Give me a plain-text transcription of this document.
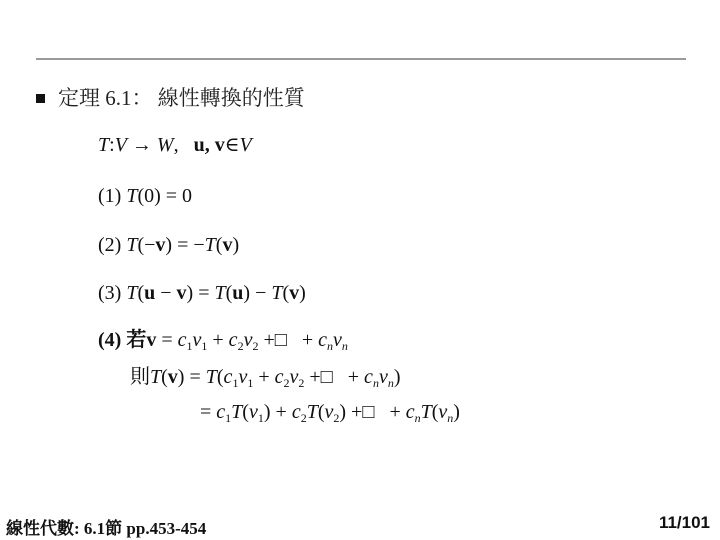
定理 6.1： 線性轉換的性質
T:V → W, u, v∈V
(1) T(0) = 0
(2) T(−v) = −T(v)
(3) T(u − v) = T(u) − T(v)
(4) 若$v = c_1v_1 + c_2v_2$ +□   + $c_nv_n$
則$T(v) = T(c_1v_1 + c_2v_2$ +□   + $c_nv_n$)
= $c_1T(v_1) + c_2T(v_2)$ +□   + $c_nT(v_n)$
線性代數: 6.1節 pp.453-454	11/101
